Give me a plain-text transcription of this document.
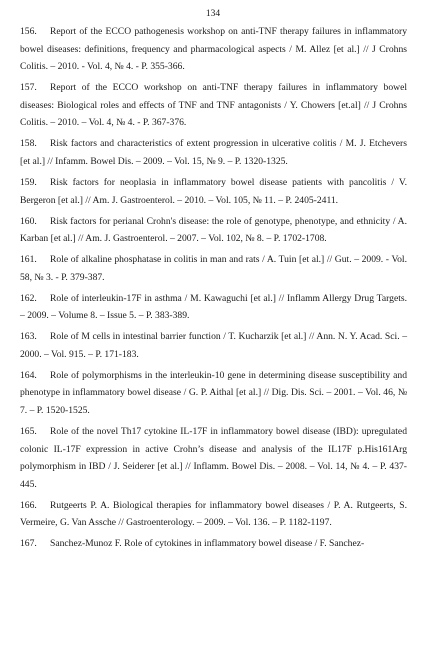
134

156. Report of the ECCO pathogenesis workshop on anti-TNF therapy failures in inflammatory bowel diseases: definitions, frequency and pharmacological aspects / M. Allez [et al.] // J Crohns Colitis. – 2010. - Vol. 4, № 4. - P. 355-366.

157. Report of the ECCO workshop on anti-TNF therapy failures in inflammatory bowel diseases: Biological roles and effects of TNF and TNF antagonists / Y. Chowers [et.al] // J Crohns Colitis. – 2010. – Vol. 4, № 4. - P. 367-376.

158. Risk factors and characteristics of extent progression in ulcerative colitis / M. J. Etchevers [et al.] // Infamm. Bowel Dis. – 2009. – Vol. 15, № 9. – P. 1320-1325.

159. Risk factors for neoplasia in inflammatory bowel disease patients with pancolitis / V. Bergeron [et al.] // Am. J. Gastroenterol. – 2010. – Vol. 105, № 11. – P. 2405-2411.

160. Risk factors for perianal Crohn's disease: the role of genotype, phenotype, and ethnicity / A. Karban [et al.] // Am. J. Gastroenterol. – 2007. – Vol. 102, № 8. – P. 1702-1708.

161. Role of alkaline phosphatase in colitis in man and rats / A. Tuin [et al.] // Gut. – 2009. - Vol. 58, № 3. - P. 379-387.

162. Role of interleukin-17F in asthma / M. Kawaguchi [et al.] // Inflamm Allergy Drug Targets. – 2009. – Volume 8. – Issue 5. – P. 383-389.

163. Role of M cells in intestinal barrier function / T. Kucharzik [et al.] // Ann. N. Y. Acad. Sci. – 2000. – Vol. 915. – P. 171-183.

164. Role of polymorphisms in the interleukin-10 gene in determining disease susceptibility and phenotype in inflammatory bowel disease / G. P. Aithal [et al.] // Dig. Dis. Sci. – 2001. – Vol. 46, № 7. – P. 1520-1525.

165. Role of the novel Th17 cytokine IL-17F in inflammatory bowel disease (IBD): upregulated colonic IL-17F expression in active Crohn’s disease and analysis of the IL17F p.His161Arg polymorphism in IBD / J. Seiderer [et al.] // Inflamm. Bowel Dis. – 2008. – Vol. 14, № 4. – P. 437-445.

166. Rutgeerts P. A. Biological therapies for inflammatory bowel diseases / P. A. Rutgeerts, S. Vermeire, G. Van Assche // Gastroenterology. – 2009. – Vol. 136. – P. 1182-1197.

167. Sanchez-Munoz F. Role of cytokines in inflammatory bowel disease / F. Sanchez-
